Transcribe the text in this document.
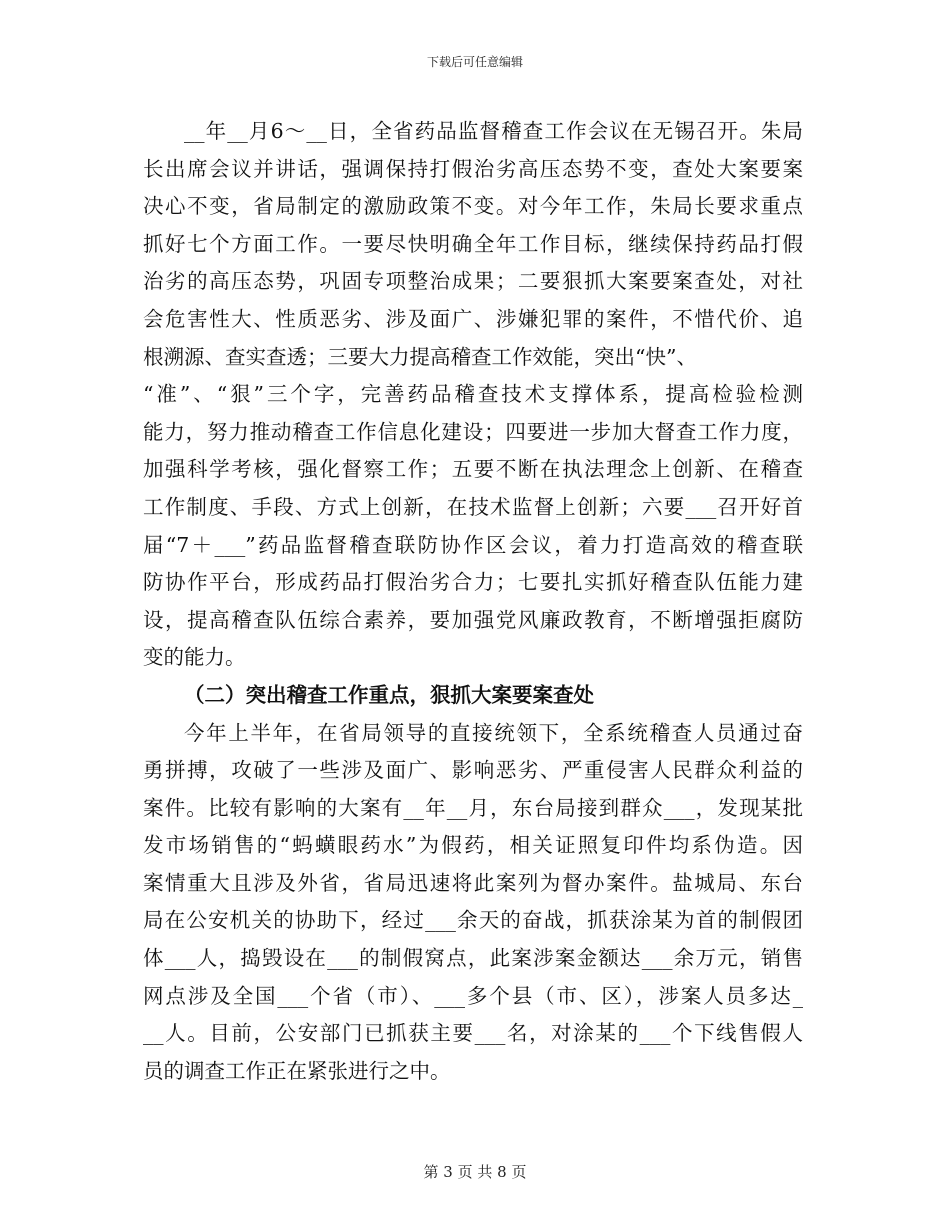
下载后可任意编辑

__年__月6～__日，全省药品监督稽查工作会议在无锡召开。朱局
长出席会议并讲话，强调保持打假治劣高压态势不变，查处大案要案
决心不变，省局制定的激励政策不变。对今年工作，朱局长要求重点
抓好七个方面工作。一要尽快明确全年工作目标，继续保持药品打假
治劣的高压态势，巩固专项整治成果；二要狠抓大案要案查处，对社
会危害性大、性质恶劣、涉及面广、涉嫌犯罪的案件，不惜代价、追
根溯源、查实查透；三要大力提高稽查工作效能，突出“快”、
“准”、“狠”三个字，完善药品稽查技术支撑体系，提高检验检测
能力，努力推动稽查工作信息化建设；四要进一步加大督查工作力度，
加强科学考核，强化督察工作；五要不断在执法理念上创新、在稽查
工作制度、手段、方式上创新，在技术监督上创新；六要___召开好首
届“7＋___”药品监督稽查联防协作区会议，着力打造高效的稽查联
防协作平台，形成药品打假治劣合力；七要扎实抓好稽查队伍能力建
设，提高稽查队伍综合素养，要加强党风廉政教育，不断增强拒腐防
变的能力。

（二）突出稽查工作重点，狠抓大案要案查处

今年上半年，在省局领导的直接统领下，全系统稽查人员通过奋
勇拼搏，攻破了一些涉及面广、影响恶劣、严重侵害人民群众利益的
案件。比较有影响的大案有__年__月，东台局接到群众___，发现某批
发市场销售的“蚂蟥眼药水”为假药，相关证照复印件均系伪造。因
案情重大且涉及外省，省局迅速将此案列为督办案件。盐城局、东台
局在公安机关的协助下，经过___余天的奋战，抓获涂某为首的制假团
体___人，捣毁设在___的制假窝点，此案涉案金额达___余万元，销售
网点涉及全国___个省（市）、___多个县（市、区），涉案人员多达_
__人。目前，公安部门已抓获主要___名，对涂某的___个下线售假人
员的调查工作正在紧张进行之中。

第 3 页 共 8 页
